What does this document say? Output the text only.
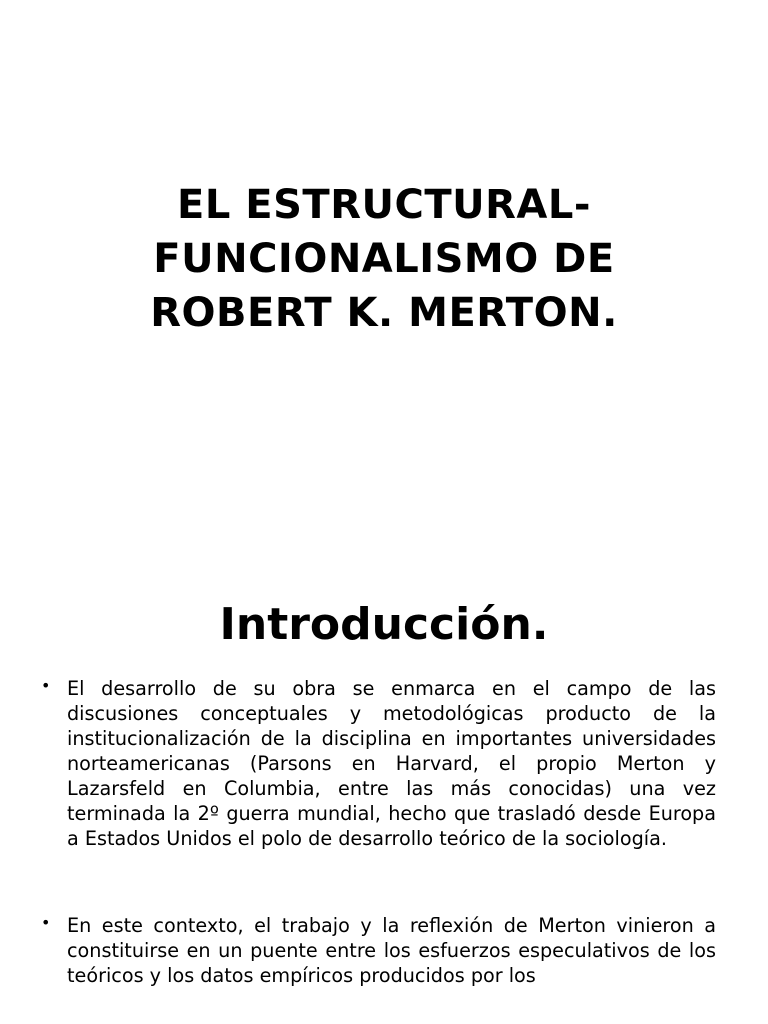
EL ESTRUCTURAL-
FUNCIONALISMO DE
ROBERT K. MERTON.
Introducción.
• El desarrollo de su obra se enmarca en el campo de las discusiones conceptuales y metodológicas producto de la institucionalización de la disciplina en importantes universidades norteamericanas (Parsons en Harvard, el propio Merton y Lazarsfeld en Columbia, entre las más conocidas) una vez terminada la 2º guerra mundial, hecho que trasladó desde Europa a Estados Unidos el polo de desarrollo teórico de la sociología.
• En este contexto, el trabajo y la reflexión de Merton vinieron a constituirse en un puente entre los esfuerzos especulativos de los teóricos y los datos empíricos producidos por los
